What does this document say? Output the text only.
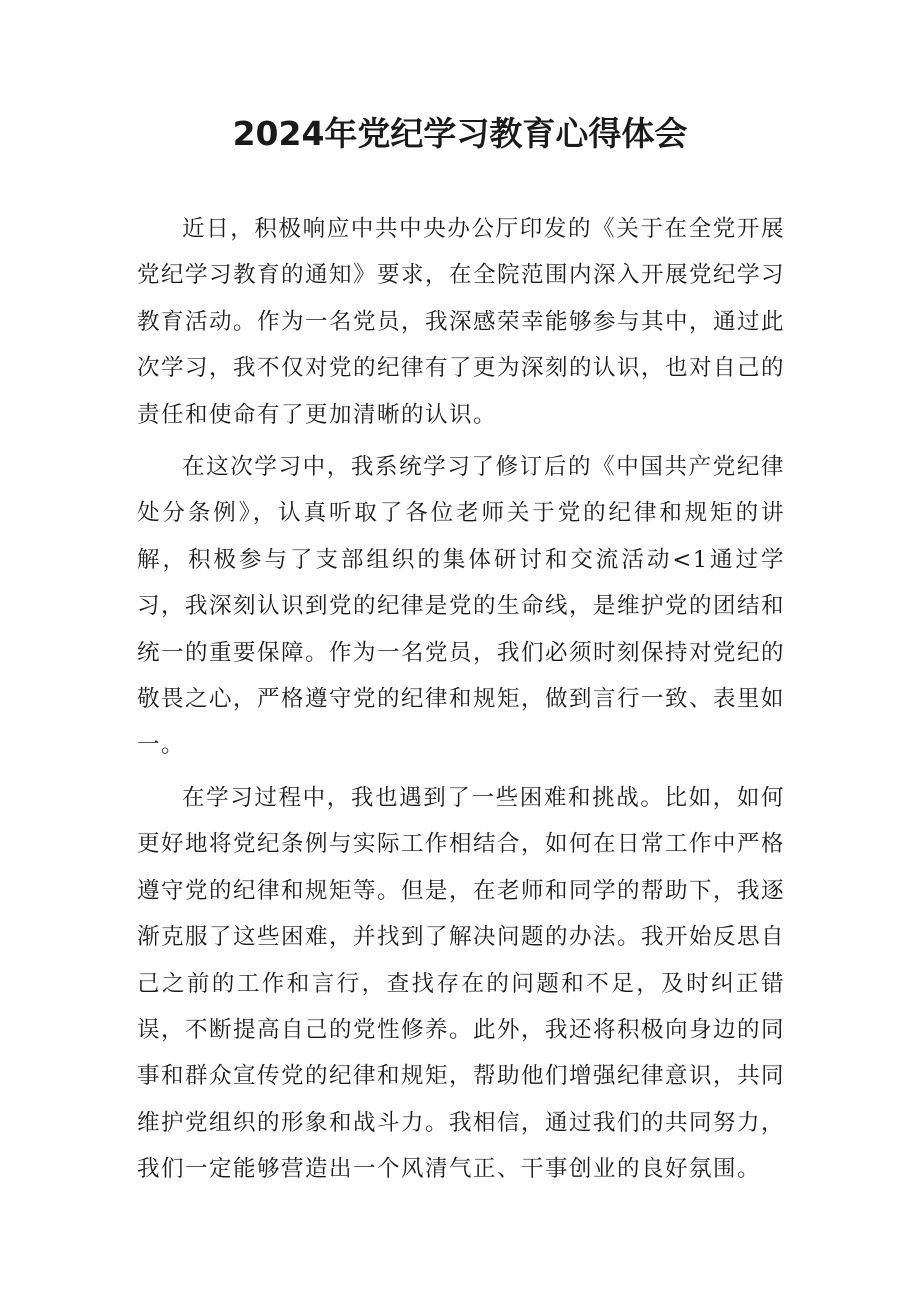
2024年党纪学习教育心得体会

近日，积极响应中共中央办公厅印发的《关于在全党开展党纪学习教育的通知》要求，在全院范围内深入开展党纪学习教育活动。作为一名党员，我深感荣幸能够参与其中，通过此次学习，我不仅对党的纪律有了更为深刻的认识，也对自己的责任和使命有了更加清晰的认识。

在这次学习中，我系统学习了修订后的《中国共产党纪律处分条例》，认真听取了各位老师关于党的纪律和规矩的讲解，积极参与了支部组织的集体研讨和交流活动<1通过学习，我深刻认识到党的纪律是党的生命线，是维护党的团结和统一的重要保障。作为一名党员，我们必须时刻保持对党纪的敬畏之心，严格遵守党的纪律和规矩，做到言行一致、表里如一。

在学习过程中，我也遇到了一些困难和挑战。比如，如何更好地将党纪条例与实际工作相结合，如何在日常工作中严格遵守党的纪律和规矩等。但是，在老师和同学的帮助下，我逐渐克服了这些困难，并找到了解决问题的办法。我开始反思自己之前的工作和言行，查找存在的问题和不足，及时纠正错误，不断提高自己的党性修养。此外，我还将积极向身边的同事和群众宣传党的纪律和规矩，帮助他们增强纪律意识，共同维护党组织的形象和战斗力。我相信，通过我们的共同努力，我们一定能够营造出一个风清气正、干事创业的良好氛围。
